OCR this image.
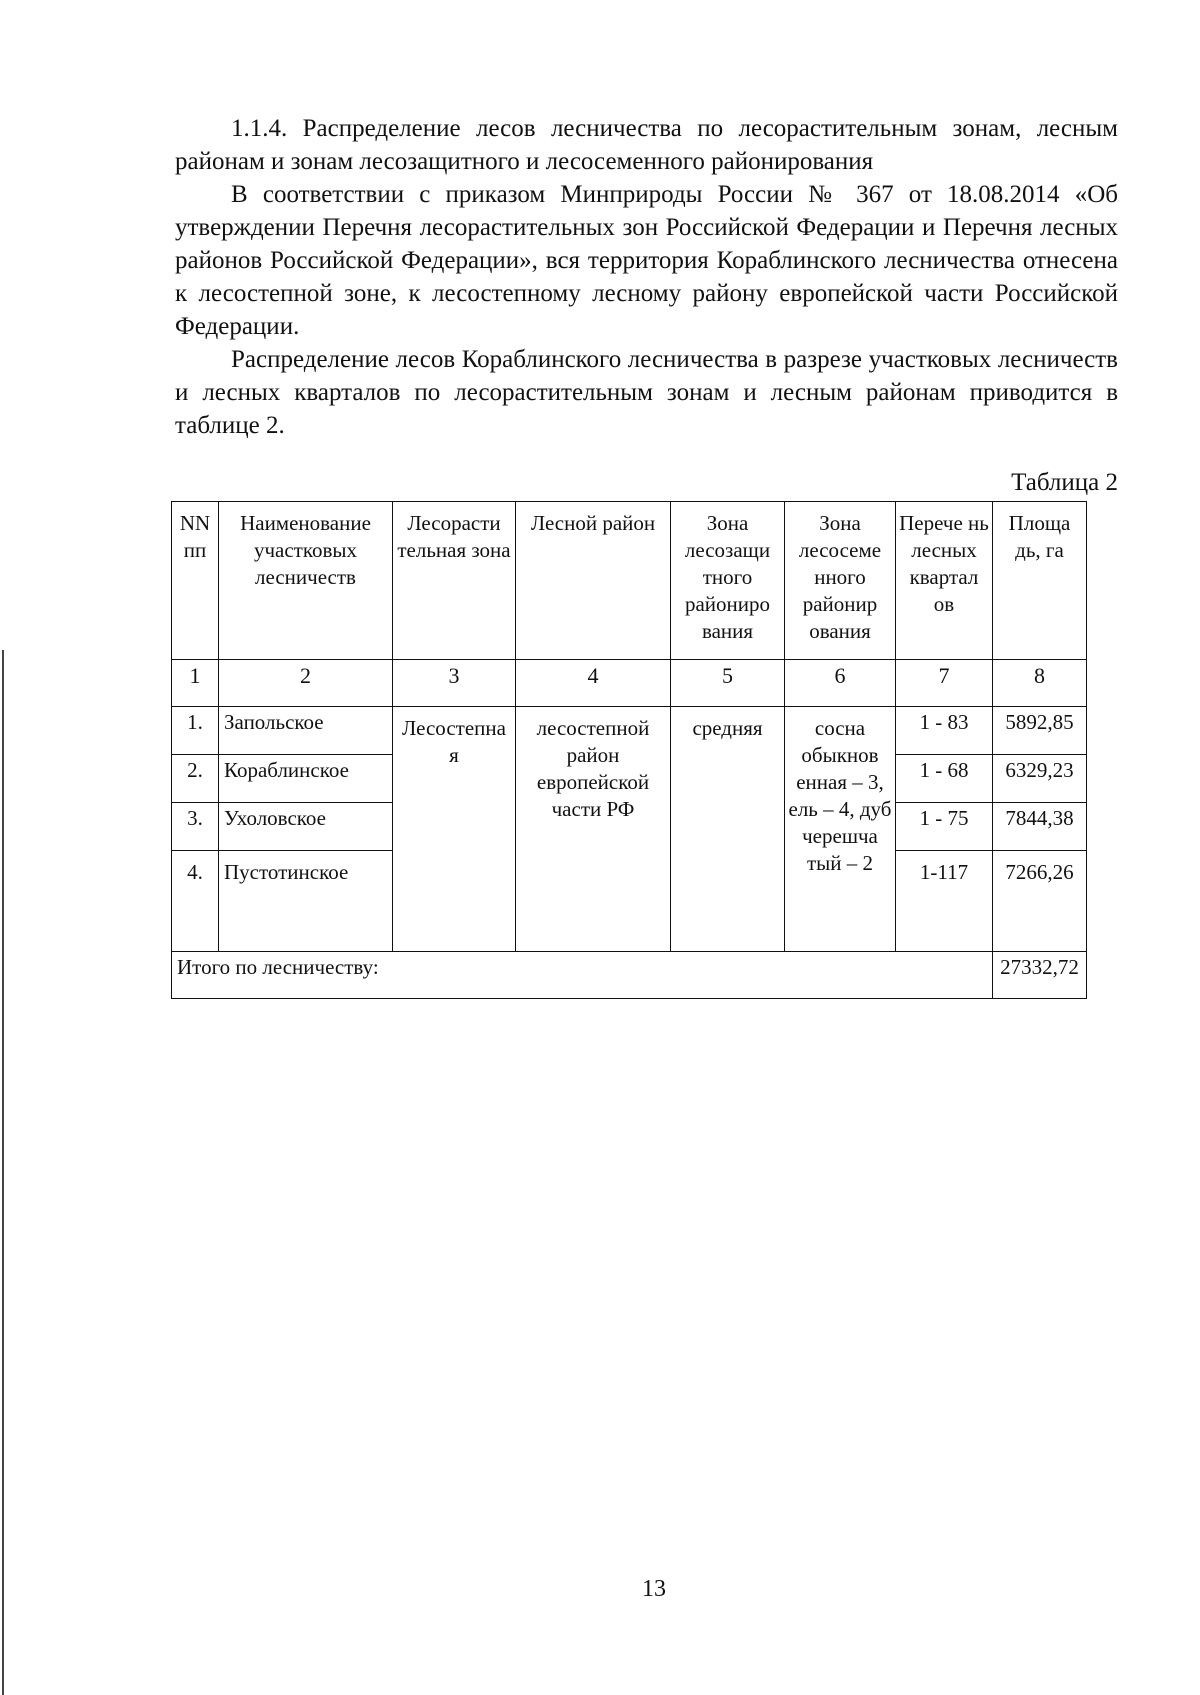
1.1.4. Распределение лесов лесничества по лесорастительным зонам, лесным районам и зонам лесозащитного и лесосеменного районирования

В соответствии с приказом Минприроды России № 367 от 18.08.2014 «Об утверждении Перечня лесорастительных зон Российской Федерации и Перечня лесных районов Российской Федерации», вся территория Кораблинского лесничества отнесена к лесостепной зоне, к лесостепному лесному району европейской части Российской Федерации.

Распределение лесов Кораблинского лесничества в разрезе участковых лесничеств и лесных кварталов по лесорастительным зонам и лесным районам приводится в таблице 2.

Таблица 2
NN пп	Наименование участковых лесничеств	Лесорасти тельная зона	Лесной район	Зона лесозащи тного райониро вания	Зона лесосеме нного районир ования	Перече нь лесных квартал ов	Площа дь, га
1	2	3	4	5	6	7	8
1.	Запольское	Лесостепна я	лесостепной район европейской части РФ	средняя	сосна обыкнов енная – 3, ель – 4, дуб черешча тый – 2	1 - 83	5892,85
2.	Кораблинское					1 - 68	6329,23
3.	Ухоловское					1 - 75	7844,38
4.	Пустотинское					1-117	7266,26
Итого по лесничеству:							27332,72
13
